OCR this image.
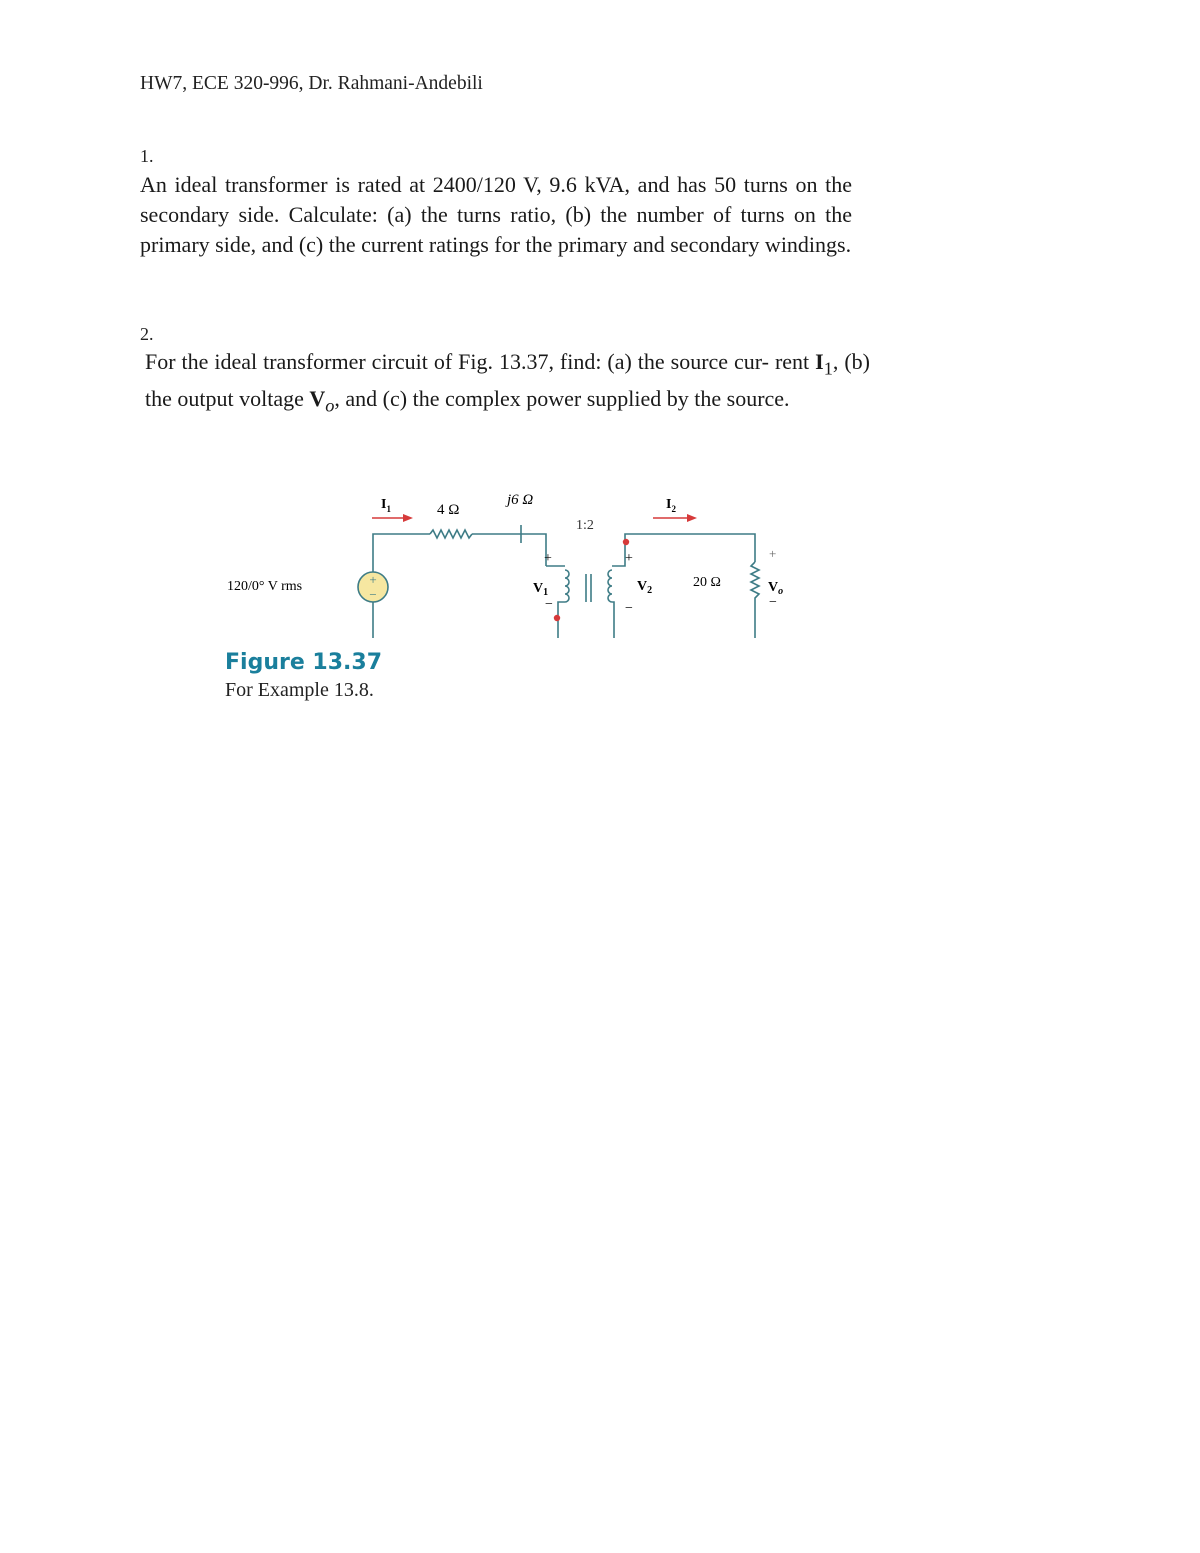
HW7, ECE 320-996, Dr. Rahmani-Andebili
1.

An ideal transformer is rated at 2400/120 V, 9.6 kVA, and has 50 turns on the secondary side. Calculate: (a) the turns ratio, (b) the number of turns on the primary side, and (c) the current ratings for the primary and secondary windings.

2.

For the ideal transformer circuit of Fig. 13.37, find: (a) the source cur- rent $I_1$, (b) the output voltage $V_o$, and (c) the complex power supplied by the source.

+
−
$I_1$	$I_2$
4 Ω
j6 Ω
1:2
+
−
$V_1$
+
−
$V_2$
20 Ω
+
−
$V_o$
120/0° V rms
Figure 13.37
For Example 13.8.
